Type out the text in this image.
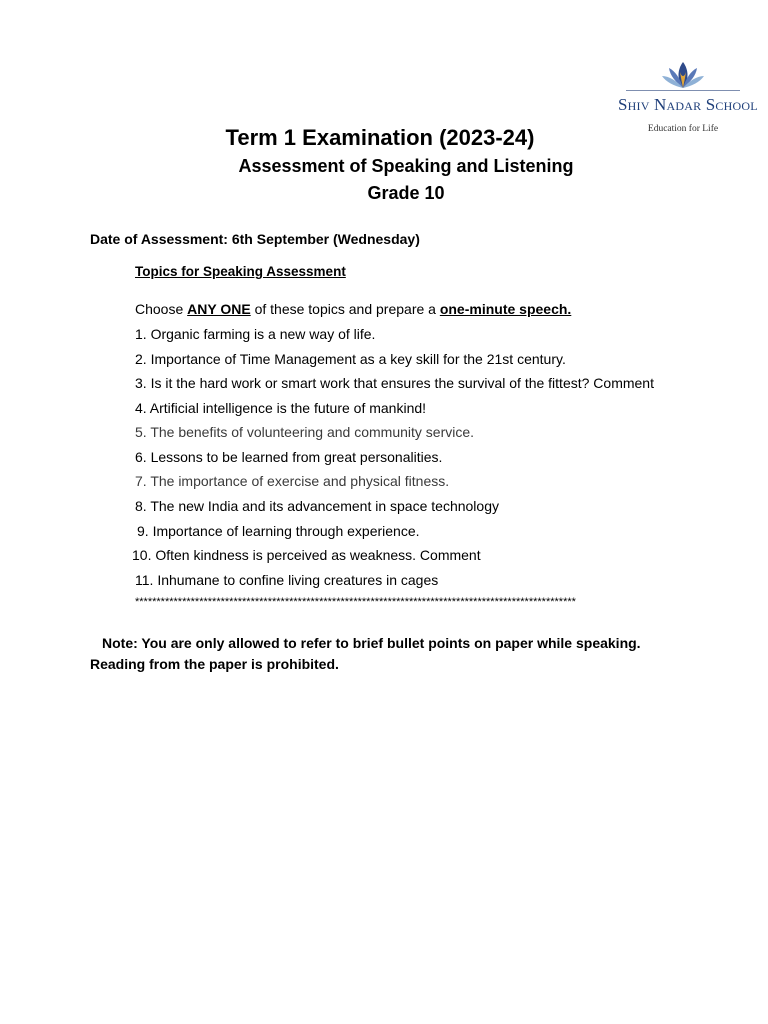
Shiv Nadar School
Education for Life
Term 1 Examination (2023-24)
Assessment of Speaking and Listening
Grade 10
Date of Assessment: 6th September (Wednesday)
Topics for Speaking Assessment
Choose ANY ONE of these topics and prepare a one-minute speech.
1. Organic farming is a new way of life.
2. Importance of Time Management as a key skill for the 21st century.
3. Is it the hard work or smart work that ensures the survival of the fittest? Comment
4. Artificial intelligence is the future of mankind!
5. The benefits of volunteering and community service.
6. Lessons to be learned from great personalities.
7. The importance of exercise and physical fitness.
8. The new India and its advancement in space technology
9. Importance of learning through experience.
10. Often kindness is perceived as weakness. Comment
11. Inhumane to confine living creatures in cages
*******************************************************************************************************
Note: You are only allowed to refer to brief bullet points on paper while speaking.
Reading from the paper is prohibited.
